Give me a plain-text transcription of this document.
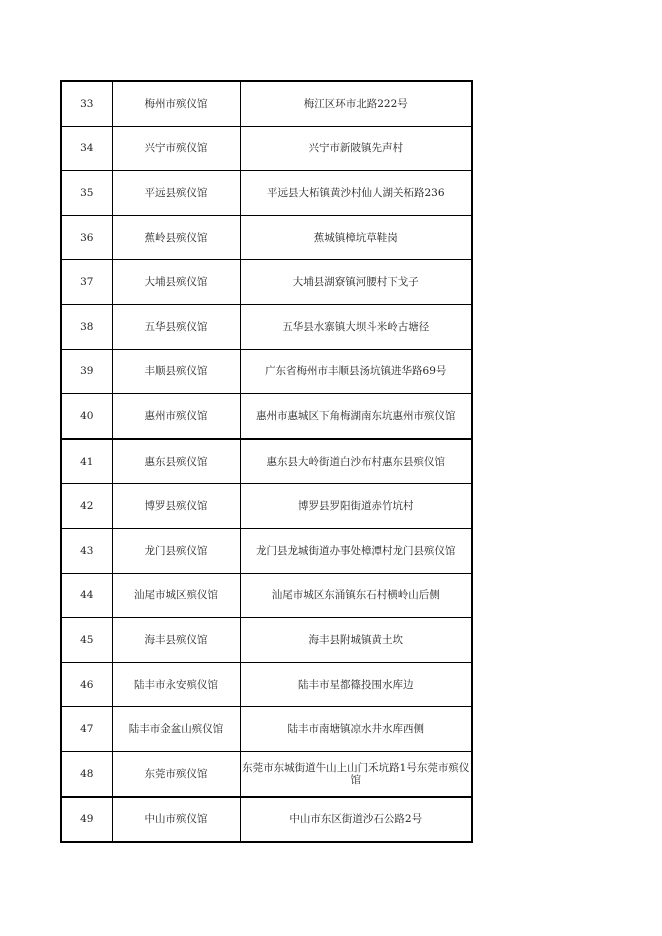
33	梅州市殡仪馆	梅江区环市北路222号
34	兴宁市殡仪馆	兴宁市新陂镇先声村
35	平远县殡仪馆	平远县大柘镇黄沙村仙人湖关柘路236
36	蕉岭县殡仪馆	蕉城镇樟坑草鞋岗
37	大埔县殡仪馆	大埔县湖寮镇河腰村下戈子
38	五华县殡仪馆	五华县水寨镇大坝斗米岭古塘径
39	丰顺县殡仪馆	广东省梅州市丰顺县汤坑镇进华路69号
40	惠州市殡仪馆	惠州市惠城区下角梅湖南东坑惠州市殡仪馆
41	惠东县殡仪馆	惠东县大岭街道白沙布村惠东县殡仪馆
42	博罗县殡仪馆	博罗县罗阳街道赤竹坑村
43	龙门县殡仪馆	龙门县龙城街道办事处樟潭村龙门县殡仪馆
44	汕尾市城区殡仪馆	汕尾市城区东涌镇东石村横岭山后侧
45	海丰县殡仪馆	海丰县附城镇黄土坎
46	陆丰市永安殡仪馆	陆丰市星都篠投围水库边
47	陆丰市金盆山殡仪馆	陆丰市南塘镇凉水井水库西侧
48	东莞市殡仪馆	东莞市东城街道牛山上山门禾坑路1号东莞市殡仪馆
49	中山市殡仪馆	中山市东区街道沙石公路2号
